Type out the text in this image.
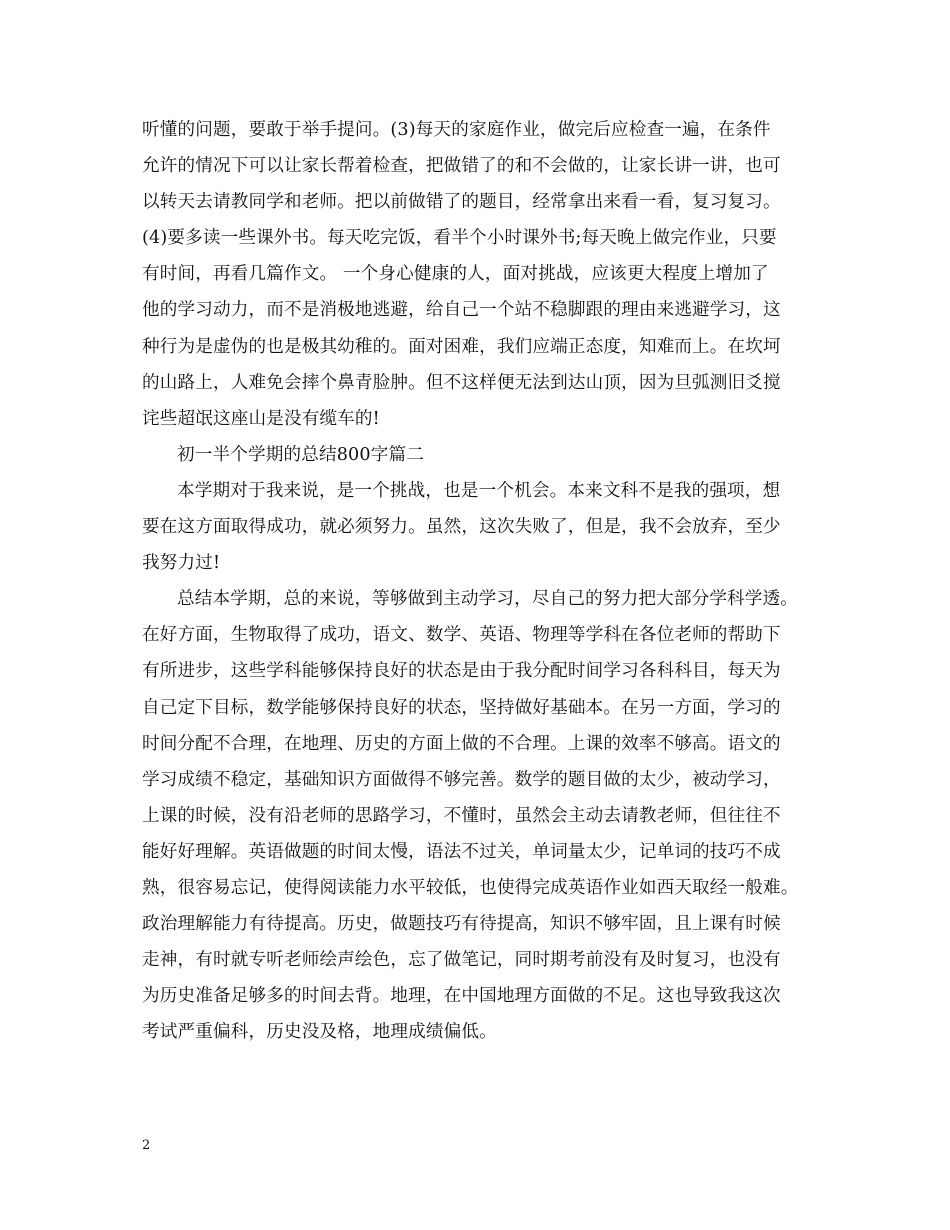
听懂的问题，要敢于举手提问。(3)每天的家庭作业，做完后应检查一遍，在条件
允许的情况下可以让家长帮着检查，把做错了的和不会做的，让家长讲一讲，也可
以转天去请教同学和老师。把以前做错了的题目，经常拿出来看一看，复习复习。
(4)要多读一些课外书。每天吃完饭，看半个小时课外书;每天晚上做完作业，只要
有时间，再看几篇作文。 一个身心健康的人，面对挑战，应该更大程度上增加了
他的学习动力，而不是消极地逃避，给自己一个站不稳脚跟的理由来逃避学习，这
种行为是虚伪的也是极其幼稚的。面对困难，我们应端正态度，知难而上。在坎坷
的山路上，人难免会摔个鼻青脸肿。但不这样便无法到达山顶，因为旦弧测旧爻搅
诧些超氓这座山是没有缆车的!
初一半个学期的总结800字篇二
本学期对于我来说，是一个挑战，也是一个机会。本来文科不是我的强项，想
要在这方面取得成功，就必须努力。虽然，这次失败了，但是，我不会放弃，至少
我努力过!
总结本学期，总的来说，等够做到主动学习，尽自己的努力把大部分学科学透。
在好方面，生物取得了成功，语文、数学、英语、物理等学科在各位老师的帮助下
有所进步，这些学科能够保持良好的状态是由于我分配时间学习各科科目，每天为
自己定下目标，数学能够保持良好的状态，坚持做好基础本。在另一方面，学习的
时间分配不合理，在地理、历史的方面上做的不合理。上课的效率不够高。语文的
学习成绩不稳定，基础知识方面做得不够完善。数学的题目做的太少，被动学习，
上课的时候，没有沿老师的思路学习，不懂时，虽然会主动去请教老师，但往往不
能好好理解。英语做题的时间太慢，语法不过关，单词量太少，记单词的技巧不成
熟，很容易忘记，使得阅读能力水平较低，也使得完成英语作业如西天取经一般难。
政治理解能力有待提高。历史，做题技巧有待提高，知识不够牢固，且上课有时候
走神，有时就专听老师绘声绘色，忘了做笔记，同时期考前没有及时复习，也没有
为历史准备足够多的时间去背。地理，在中国地理方面做的不足。这也导致我这次
考试严重偏科，历史没及格，地理成绩偏低。
2
